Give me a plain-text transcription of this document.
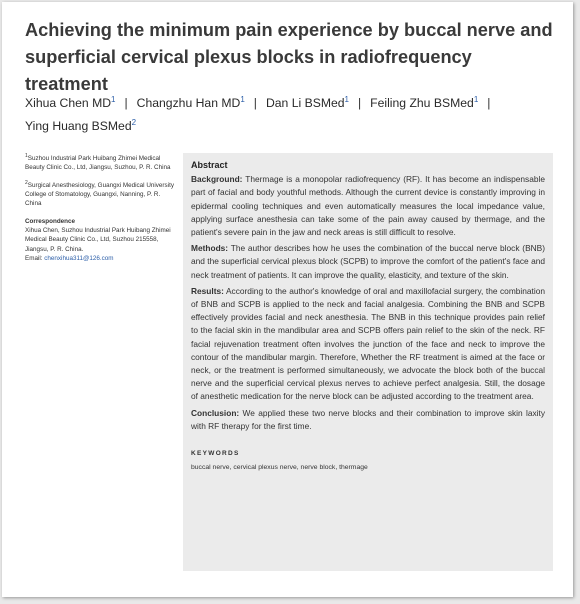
Achieving the minimum pain experience by buccal nerve and superficial cervical plexus blocks in radiofrequency treatment
Xihua Chen $MD^1$ | Changzhu Han $MD^1$ | Dan Li BSMed$^1$ | Feiling Zhu BSMed$^1$ |
Ying Huang BSMed$^2$
$^1$Suzhou Industrial Park Huibang Zhimei Medical Beauty Clinic Co., Ltd, Jiangsu, Suzhou, P. R. China
$^2$Surgical Anesthesiology, Guangxi Medical University College of Stomatology, Guangxi, Nanning, P. R. China
Correspondence
Xihua Chen, Suzhou Industrial Park Huibang Zhimei Medical Beauty Clinic Co., Ltd, Suzhou 215558, Jiangsu, P. R. China.
Email: chenxihua311@126.com
Abstract

Background: Thermage is a monopolar radiofrequency (RF). It has become an indispensable part of facial and body youthful methods. Although the current device is constantly improving in epidermal cooling techniques and even automatically measures the local impedance value, applying surface anesthesia can take some of the pain away caused by thermage, and the patient's severe pain in the jaw and neck areas is still difficult to resolve.

Methods: The author describes how he uses the combination of the buccal nerve block (BNB) and the superficial cervical plexus block (SCPB) to improve the comfort of the patient's face and neck treatment of patients. It can improve the quality, elasticity, and texture of the skin.

Results: According to the author's knowledge of oral and maxillofacial surgery, the combination of BNB and SCPB is applied to the neck and facial analgesia. Combining the BNB and SCPB effectively provides facial and neck anesthesia. The BNB in this technique provides pain relief to the facial skin in the mandibular area and SCPB offers pain relief to the skin of the neck. RF facial rejuvenation treatment often involves the junction of the face and neck to improve the contour of the mandibular margin. Therefore, Whether the RF treatment is aimed at the face or neck, or the treatment is performed simultaneously, we advocate the block both of the buccal nerve and the superficial cervical plexus nerves to achieve perfect analgesia. Still, the dosage of anesthetic medication for the nerve block can be adjusted according to the treatment area.

Conclusion: We applied these two nerve blocks and their combination to improve skin laxity with RF therapy for the first time.

KEYWORDS
buccal nerve, cervical plexus nerve, nerve block, thermage
